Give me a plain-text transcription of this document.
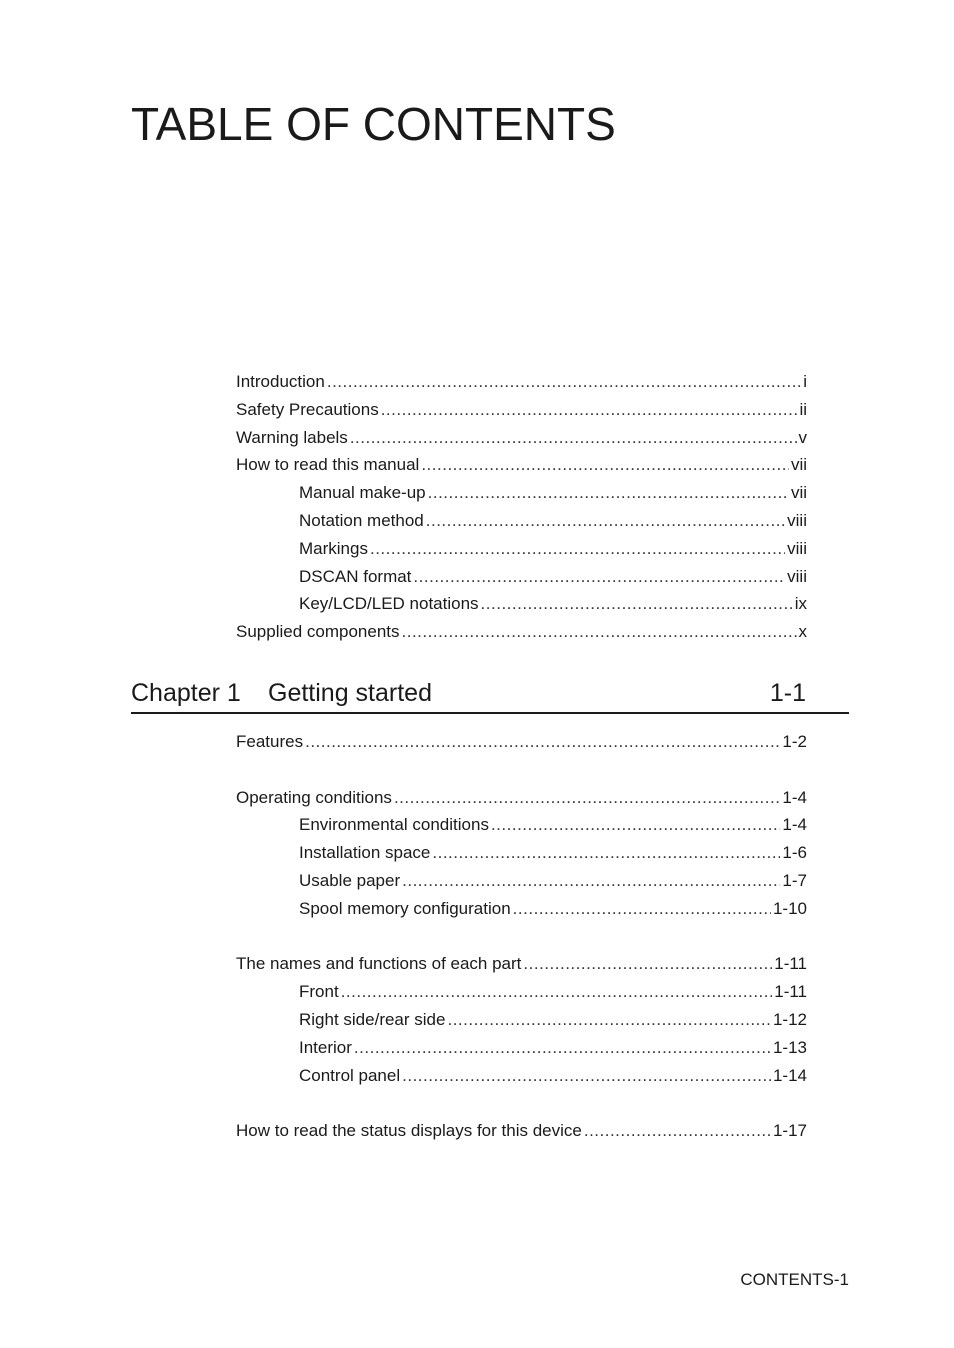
TABLE OF CONTENTS
Introduction .....	i
Safety Precautions .....	ii
Warning labels .....	v
How to read this manual .....	vii
Manual make-up .....	vii
Notation method .....	viii
Markings .....	viii
DSCAN format .....	viii
Key/LCD/LED notations .....	ix
Supplied components .....	x
Chapter 1 Getting started	1-1
Features .....	1-2
Operating conditions .....	1-4
Environmental conditions .....	1-4
Installation space .....	1-6
Usable paper .....	1-7
Spool memory configuration .....	1-10
The names and functions of each part .....	1-11
Front .....	1-11
Right side/rear side .....	1-12
Interior .....	1-13
Control panel .....	1-14
How to read the status displays for this device .....	1-17
CONTENTS-1
